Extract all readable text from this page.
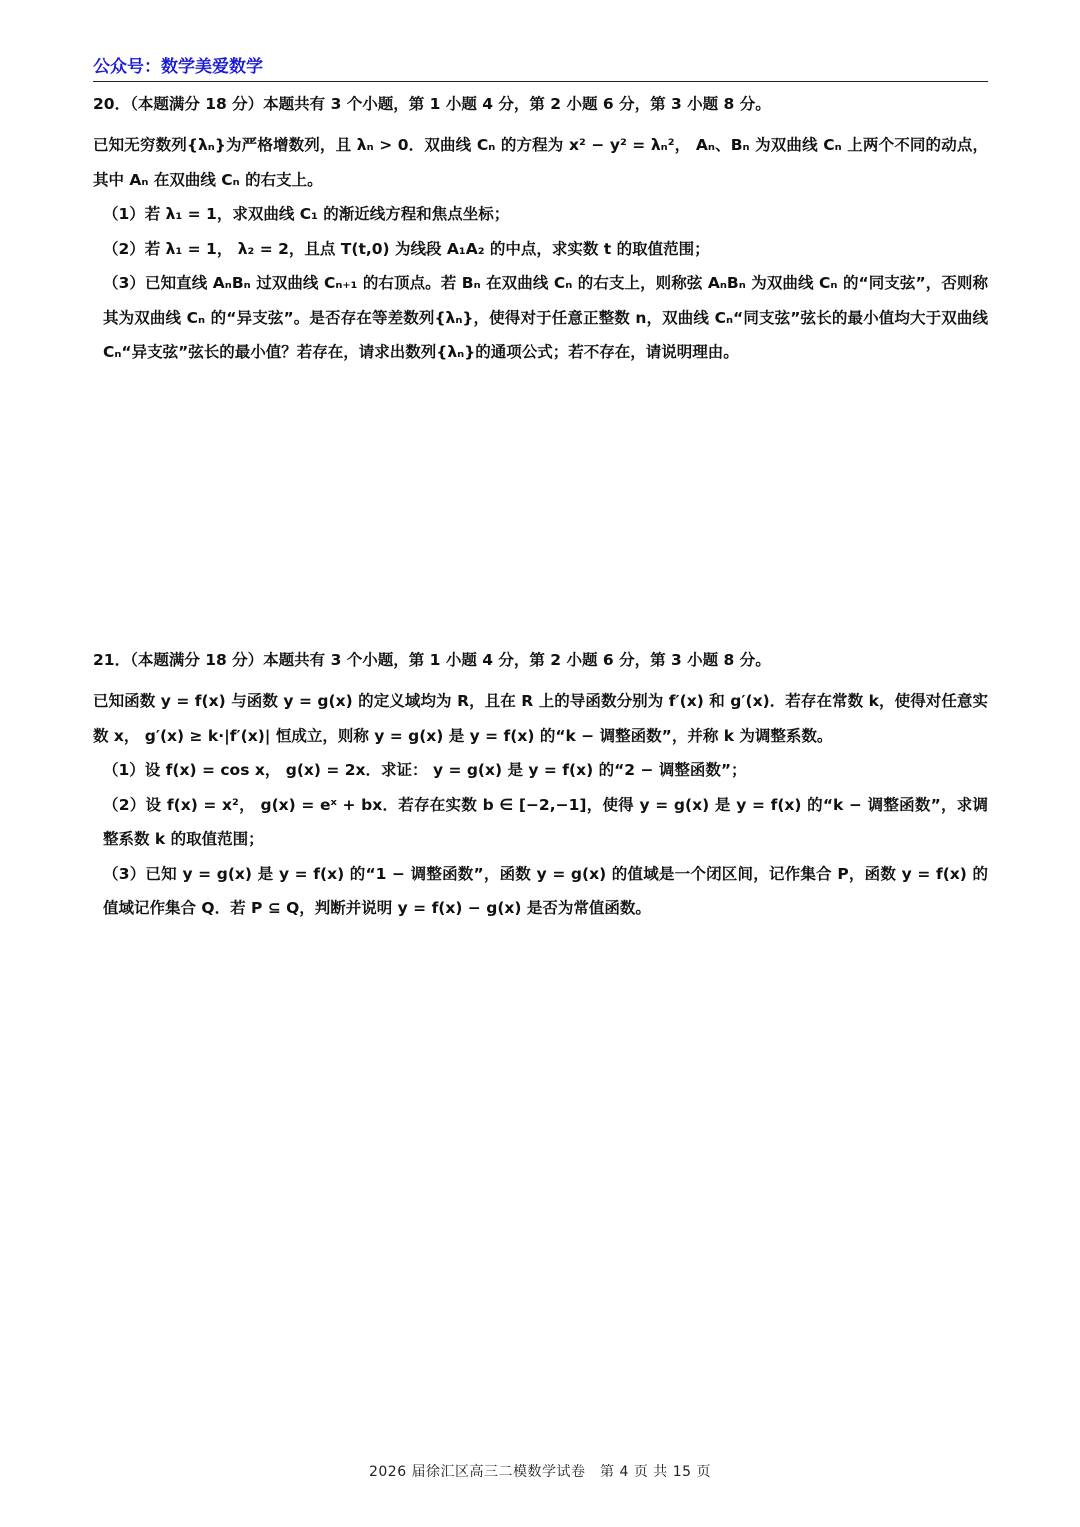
公众号：数学美爱数学
20．（本题满分 18 分）本题共有 3 个小题，第 1 小题 4 分，第 2 小题 6 分，第 3 小题 8 分。

已知无穷数列{λₙ}为严格增数列，且 λₙ > 0．双曲线 Cₙ 的方程为 x² − y² = λₙ²， Aₙ、Bₙ 为双曲线 Cₙ 上两个不同的动点，其中 Aₙ 在双曲线 Cₙ 的右支上。

（1）若 λ₁ = 1，求双曲线 C₁ 的渐近线方程和焦点坐标；

（2）若 λ₁ = 1， λ₂ = 2，且点 T(t,0) 为线段 A₁A₂ 的中点，求实数 t 的取值范围；

（3）已知直线 AₙBₙ 过双曲线 Cₙ₊₁ 的右顶点。若 Bₙ 在双曲线 Cₙ 的右支上，则称弦 AₙBₙ 为双曲线 Cₙ 的“同支弦”，否则称其为双曲线 Cₙ 的“异支弦”。是否存在等差数列{λₙ}，使得对于任意正整数 n，双曲线 Cₙ“同支弦”弦长的最小值均大于双曲线 Cₙ“异支弦”弦长的最小值？若存在，请求出数列{λₙ}的通项公式；若不存在，请说明理由。

21．（本题满分 18 分）本题共有 3 个小题，第 1 小题 4 分，第 2 小题 6 分，第 3 小题 8 分。

已知函数 y = f(x) 与函数 y = g(x) 的定义域均为 R，且在 R 上的导函数分别为 f′(x) 和 g′(x)．若存在常数 k，使得对任意实数 x， g′(x) ≥ k·|f′(x)| 恒成立，则称 y = g(x) 是 y = f(x) 的“k − 调整函数”，并称 k 为调整系数。

（1）设 f(x) = cos x， g(x) = 2x．求证： y = g(x) 是 y = f(x) 的“2 − 调整函数”；

（2）设 f(x) = x²， g(x) = eˣ + bx．若存在实数 b ∈ [−2,−1]，使得 y = g(x) 是 y = f(x) 的“k − 调整函数”，求调整系数 k 的取值范围；

（3）已知 y = g(x) 是 y = f(x) 的“1 − 调整函数”，函数 y = g(x) 的值域是一个闭区间，记作集合 P，函数 y = f(x) 的值域记作集合 Q．若 P ⊆ Q，判断并说明 y = f(x) − g(x) 是否为常值函数。

2026 届徐汇区高三二模数学试卷　第 4 页 共 15 页
